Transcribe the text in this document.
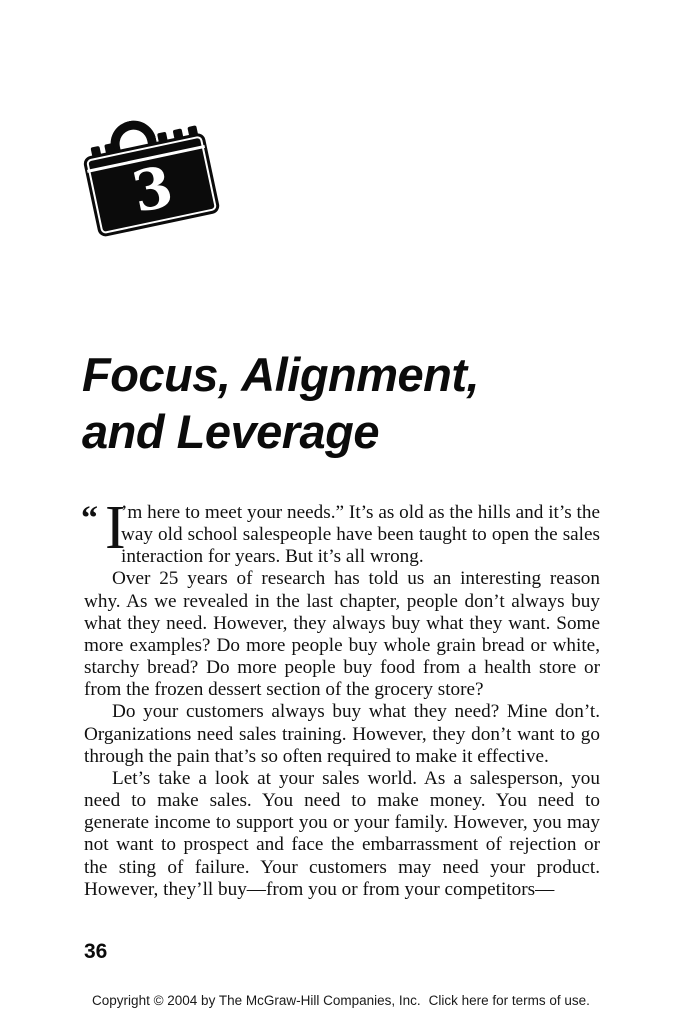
3
Focus, Alignment,
and Leverage

“ I
’m here to meet your needs.” It’s as old as the hills and it’s the way old school salespeople have been taught to open the sales interaction for years. But it’s all wrong.

Over 25 years of research has told us an interesting reason why. As we revealed in the last chapter, people don’t always buy what they need. However, they always buy what they want. Some more examples? Do more people buy whole grain bread or white, starchy bread? Do more people buy food from a health store or from the frozen dessert section of the grocery store?

Do your customers always buy what they need? Mine don’t. Organizations need sales training. However, they don’t want to go through the pain that’s so often required to make it effective.

Let’s take a look at your sales world. As a salesperson, you need to make sales. You need to make money. You need to generate income to support you or your family. However, you may not want to prospect and face the embarrassment of rejection or the sting of failure. Your customers may need your product. However, they’ll buy—from you or from your competitors—

36
Copyright © 2004 by The McGraw-Hill Companies, Inc. Click here for terms of use.
